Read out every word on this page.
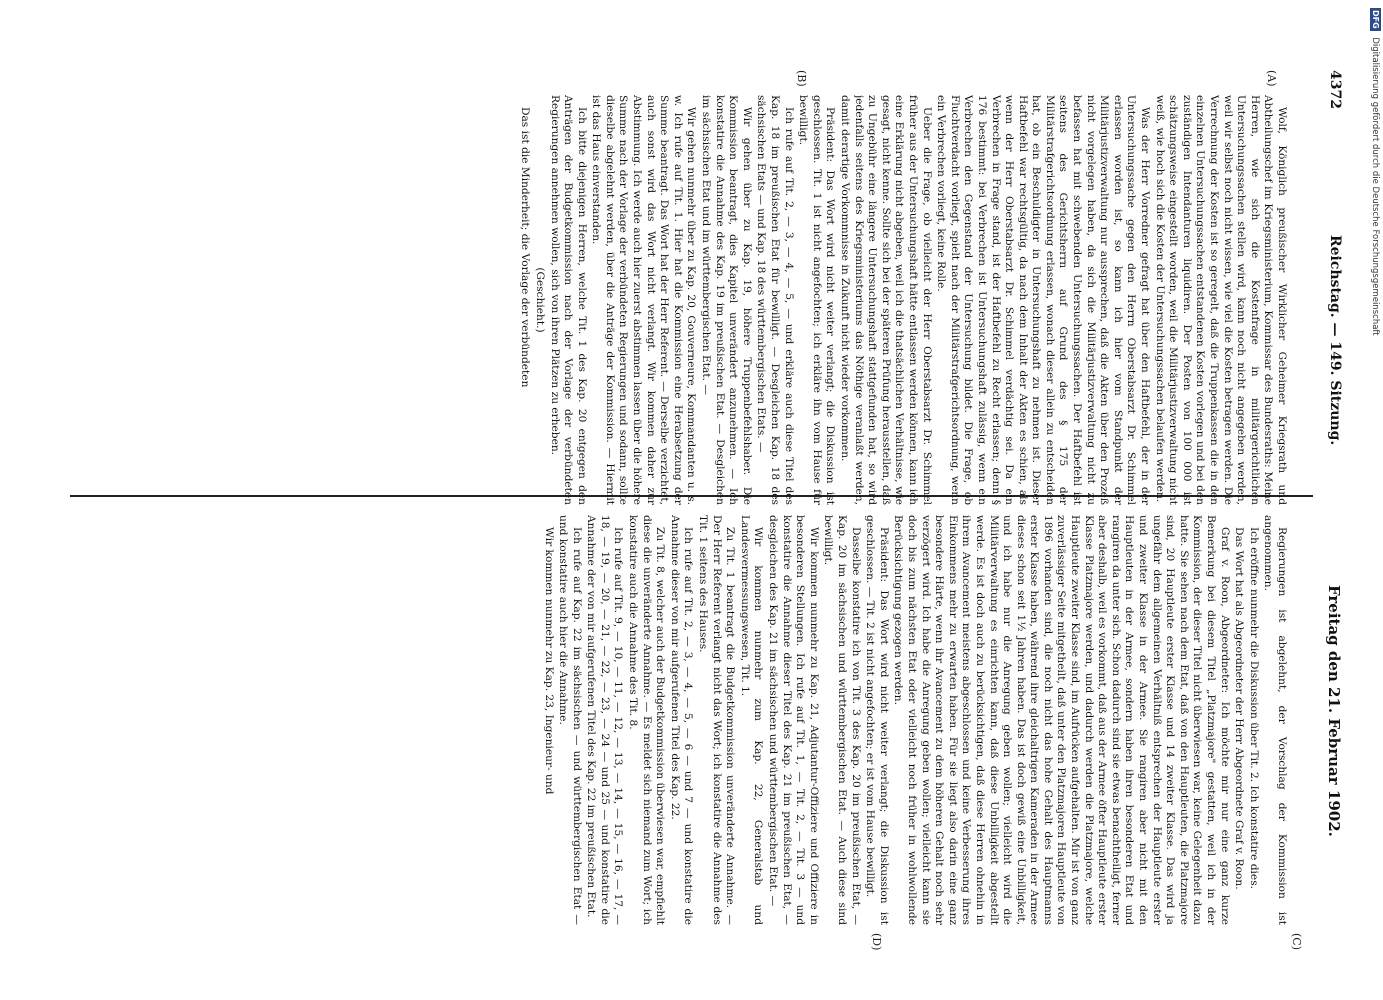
4372
Reichstag. — 149. Sitzung.
Freitag den 21. Februar 1902.
(A)
(B)
(C)
(D)

Wolf, Königlich preußischer Wirklicher Geheimer Kriegsrath und Abtheilungschef im Kriegsministerium, Kommissar des Bundesraths: Meine Herren, wie sich die Kostenfrage in militärgerichtlichen Untersuchungssachen stellen wird, kann noch nicht angegeben werden, weil wir selbst noch nicht wissen, wie viel die Kosten betragen werden. Die Verrechnung der Kosten ist so geregelt, daß die Truppenkassen die in den einzelnen Untersuchungssachen entstandenen Kosten vorlegen und bei den zuständigen Intendanturen liquidiren. Der Posten von 100 000 ist schätzungsweise eingestellt worden, weil die Militärjustizverwaltung nicht weiß, wie hoch sich die Kosten der Untersuchungssachen belaufen werden.

Was der Herr Vorredner gefragt hat über den Haftbefehl, der in der Untersuchungssache gegen den Herrn Oberstabsarzt Dr. Schimmel erlassen worden ist, so kann ich hier vom Standpunkt der Militärjustizverwaltung nur aussprechen, daß die Akten über den Prozeß nicht vorgelegen haben, da sich die Militärjustizverwaltung nicht zu befassen hat mit schwebenden Untersuchungssachen. Der Haftbefehl ist seitens des Gerichtsherrn auf Grund des § 175 der Militärstrafgerichtsordnung erlassen, wonach dieser allein zu entscheiden hat, ob ein Beschuldigter in Untersuchungshaft zu nehmen ist. Dieser Haftbefehl war rechtsgültig, da nach dem Inhalt der Akten es schien, als wenn der Herr Oberstabsarzt Dr. Schimmel verdächtig sei. Da ein Verbrechen in Frage stand, ist der Haftbefehl zu Recht erlassen; denn § 176 bestimmt: bei Verbrechen ist Untersuchungshaft zulässig, wenn ein Verbrechen den Gegenstand der Untersuchung bildet. Die Frage, ob Fluchtverdacht vorliegt, spielt nach der Militärstrafgerichtsordnung, wenn ein Verbrechen vorliegt, keine Rolle.

Ueber die Frage, ob vielleicht der Herr Oberstabsarzt Dr. Schimmel früher aus der Untersuchungshaft hätte entlassen werden können, kann ich eine Erklärung nicht abgeben, weil ich die thatsächlichen Verhältnisse, wie gesagt, nicht kenne. Sollte sich bei der späteren Prüfung herausstellen, daß zu Ungebühr eine längere Untersuchungshaft stattgefunden hat, so wird jedenfalls seitens des Kriegsministeriums das Nöthige veranlaßt werden, damit derartige Vorkommnisse in Zukunft nicht wieder vorkommen.

Präsident: Das Wort wird nicht weiter verlangt; die Diskussion ist geschlossen. Tit. 1 ist nicht angefochten; ich erkläre ihn vom Hause für bewilligt.

Ich rufe auf Tit. 2, — 3, — 4, — 5, — und erkläre auch diese Titel des Kap. 18 im preußischen Etat für bewilligt. — Desgleichen Kap. 18 des sächsischen Etats — und Kap. 18 des württembergischen Etats. —

Wir gehen über zu Kap. 19, höhere Truppenbefehlshaber. Die Kommission beantragt, dies Kapitel unverändert anzunehmen. — Ich konstatire die Annahme des Kap. 19 im preußischen Etat. — Desgleichen im sächsischen Etat und im württembergischen Etat. —

Wir gehen nunmehr über zu Kap. 20, Gouverneure, Kommandanten u. s. w. Ich rufe auf Tit. 1. Hier hat die Kommission eine Herabsetzung der Summe beantragt. Das Wort hat der Herr Referent. — Derselbe verzichtet, auch sonst wird das Wort nicht verlangt. Wir kommen daher zur Abstimmung. Ich werde auch hier zuerst abstimmen lassen über die höhere Summe nach der Vorlage der verbündeten Regierungen und sodann, sollte dieselbe abgelehnt werden, über die Anträge der Kommission. — Hiermit ist das Haus einverstanden.

Ich bitte diejenigen Herren, welche Tit. 1 des Kap. 20 entgegen den Anträgen der Budgetkommission nach der Vorlage der verbündeten Regierungen annehmen wollen, sich von ihren Plätzen zu erheben.

(Geschieht.)

Das ist die Minderheit; die Vorlage der verbündeten

Regierungen ist abgelehnt, der Vorschlag der Kommission ist angenommen.

Ich eröffne nunmehr die Diskussion über Tit. 2. Ich konstatire dies.

Das Wort hat als Abgeordneter der Herr Abgeordnete Graf v. Roon.

Graf v. Roon, Abgeordneter: Ich möchte mir nur eine ganz kurze Bemerkung bei diesem Titel „Platzmajore" gestatten, weil ich in der Kommission, der dieser Titel nicht überwiesen war, keine Gelegenheit dazu hatte. Sie sehen nach dem Etat, daß von den Hauptleuten, die Platzmajore sind, 20 Hauptleute erster Klasse und 14 zweiter Klasse. Das wird ja ungefähr dem allgemeinen Verhältniß entsprechen der Hauptleute erster und zweiter Klasse in der Armee. Sie rangiren aber nicht mit den Hauptleuten in der Armee, sondern haben ihren besonderen Etat und rangiren da unter sich. Schon dadurch sind sie etwas benachtheiligt, ferner aber deshalb, weil es vorkommt, daß aus der Armee öfter Hauptleute erster Klasse Platzmajore werden, und dadurch werden die Platzmajore, welche Hauptleute zweiter Klasse sind, im Aufrücken aufgehalten. Mir ist von ganz zuverlässiger Seite mitgetheilt, daß unter den Platzmajoren Hauptleute von 1896 vorhanden sind, die noch nicht das hohe Gehalt des Hauptmanns erster Klasse haben, während ihre gleichaltrigen Kameraden in der Armee dieses schon seit 1½ Jahren haben. Das ist doch gewiß eine Unbilligkeit, und ich habe nur die Anregung geben wollen; vielleicht wird die Militärverwaltung es einrichten kann, daß diese Unbilligkeit abgestellt werde. Es ist doch auch zu berücksichtigen, daß diese Herren ohnehin in ihrem Avancement meistens abgeschlossen und keine Verbesserung ihres Einkommens mehr zu erwarten haben. Für sie liegt also darin eine ganz besondere Härte, wenn ihr Avancement zu dem höheren Gehalt noch sehr verzögert wird. Ich habe die Anregung geben wollen; vielleicht kann sie doch bis zum nächsten Etat oder vielleicht noch früher in wohlwollende Berücksichtigung gezogen werden.

Präsident: Das Wort wird nicht weiter verlangt; die Diskussion ist geschlossen. — Tit. 2 ist nicht angefochten; er ist vom Hause bewilligt.

Dasselbe konstatire ich von Tit. 3 des Kap. 20 im preußischen Etat, — Kap. 20 im sächsischen und württembergischen Etat. — Auch diese sind bewilligt.

Wir kommen nunmehr zu Kap. 21, Adjutantur-Offiziere und Offiziere in besonderen Stellungen. Ich rufe auf Tit. 1, — Tit. 2, — Tit. 3 — und konstatire die Annahme dieser Titel des Kap. 21 im preußischen Etat, — desgleichen des Kap. 21 im sächsischen und württembergischen Etat. —

Wir kommen nunmehr zum Kap. 22, Generalstab und Landesvermessungswesen, Tit. 1.

Zu Tit. 1 beantragt die Budgetkommission unveränderte Annahme. — Der Herr Referent verlangt nicht das Wort; ich konstatire die Annahme des Tit. 1 seitens des Hauses.

Ich rufe auf Tit. 2, — 3, — 4, — 5, — 6 — und 7 — und konstatire die Annahme dieser von mir aufgerufenen Titel des Kap. 22.

Zu Tit. 8, welcher auch der Budgetkommission überwiesen war, empfiehlt diese die unveränderte Annahme. — Es meldet sich niemand zum Wort; ich konstatire auch die Annahme des Tit. 8.

Ich rufe auf Tit. 9, — 10, — 11, — 12, — 13, — 14, — 15, — 16, — 17, — 18, — 19, — 20, — 21, — 22, — 23, — 24 — und 25 — und konstatire die Annahme der von mir aufgerufenen Titel des Kap. 22 im preußischen Etat.

Ich rufe auf Kap. 22 im sächsischen — und württembergischen Etat — und konstatire auch hier die Annahme.

Wir kommen nunmehr zu Kap. 23, Ingenieur- und

DFG Digitalisierung gefördert durch die Deutsche Forschungsgemeinschaft
